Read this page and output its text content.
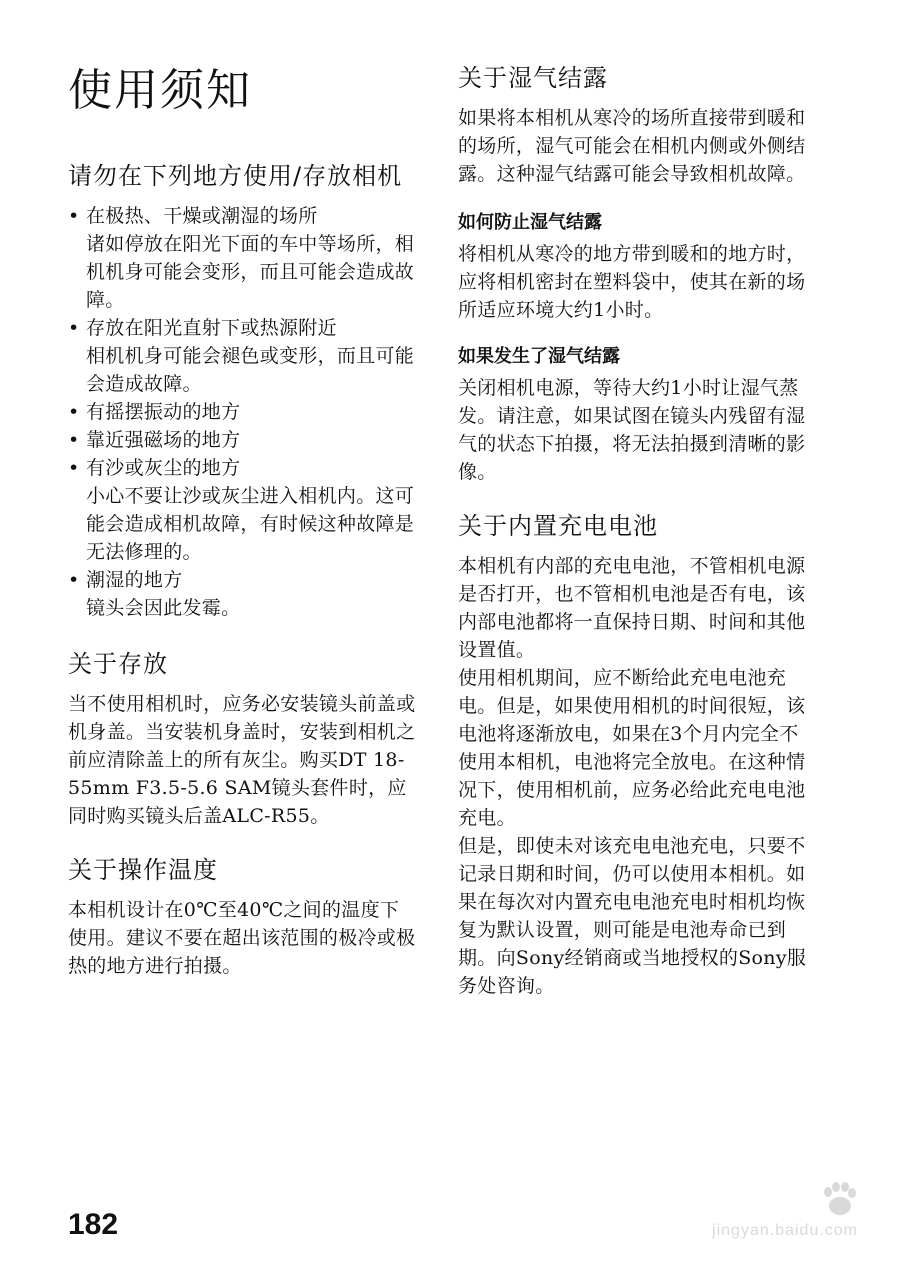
使用须知
请勿在下列地方使用/存放相机
• 在极热、干燥或潮湿的场所
诸如停放在阳光下面的车中等场所，相机机身可能会变形，而且可能会造成故障。
• 存放在阳光直射下或热源附近
相机机身可能会褪色或变形，而且可能会造成故障。
• 有摇摆振动的地方
• 靠近强磁场的地方
• 有沙或灰尘的地方
小心不要让沙或灰尘进入相机内。这可能会造成相机故障，有时候这种故障是无法修理的。
• 潮湿的地方
镜头会因此发霉。
关于存放

当不使用相机时，应务必安装镜头前盖或机身盖。当安装机身盖时，安装到相机之前应清除盖上的所有灰尘。购买DT 18-55mm F3.5-5.6 SAM镜头套件时，应同时购买镜头后盖ALC-R55。

关于操作温度

本相机设计在0℃至40℃之间的温度下使用。建议不要在超出该范围的极冷或极热的地方进行拍摄。

关于湿气结露

如果将本相机从寒冷的场所直接带到暖和的场所，湿气可能会在相机内侧或外侧结露。这种湿气结露可能会导致相机故障。

如何防止湿气结露

将相机从寒冷的地方带到暖和的地方时，应将相机密封在塑料袋中，使其在新的场所适应环境大约1小时。

如果发生了湿气结露

关闭相机电源，等待大约1小时让湿气蒸发。请注意，如果试图在镜头内残留有湿气的状态下拍摄，将无法拍摄到清晰的影像。

关于内置充电电池

本相机有内部的充电电池，不管相机电源是否打开，也不管相机电池是否有电，该内部电池都将一直保持日期、时间和其他设置值。

使用相机期间，应不断给此充电电池充电。但是，如果使用相机的时间很短，该电池将逐渐放电，如果在3个月内完全不使用本相机，电池将完全放电。在这种情况下，使用相机前，应务必给此充电电池充电。

但是，即使未对该充电电池充电，只要不记录日期和时间，仍可以使用本相机。如果在每次对内置充电电池充电时相机均恢复为默认设置，则可能是电池寿命已到期。向Sony经销商或当地授权的Sony服务处咨询。

182	jingyan.baidu.com
